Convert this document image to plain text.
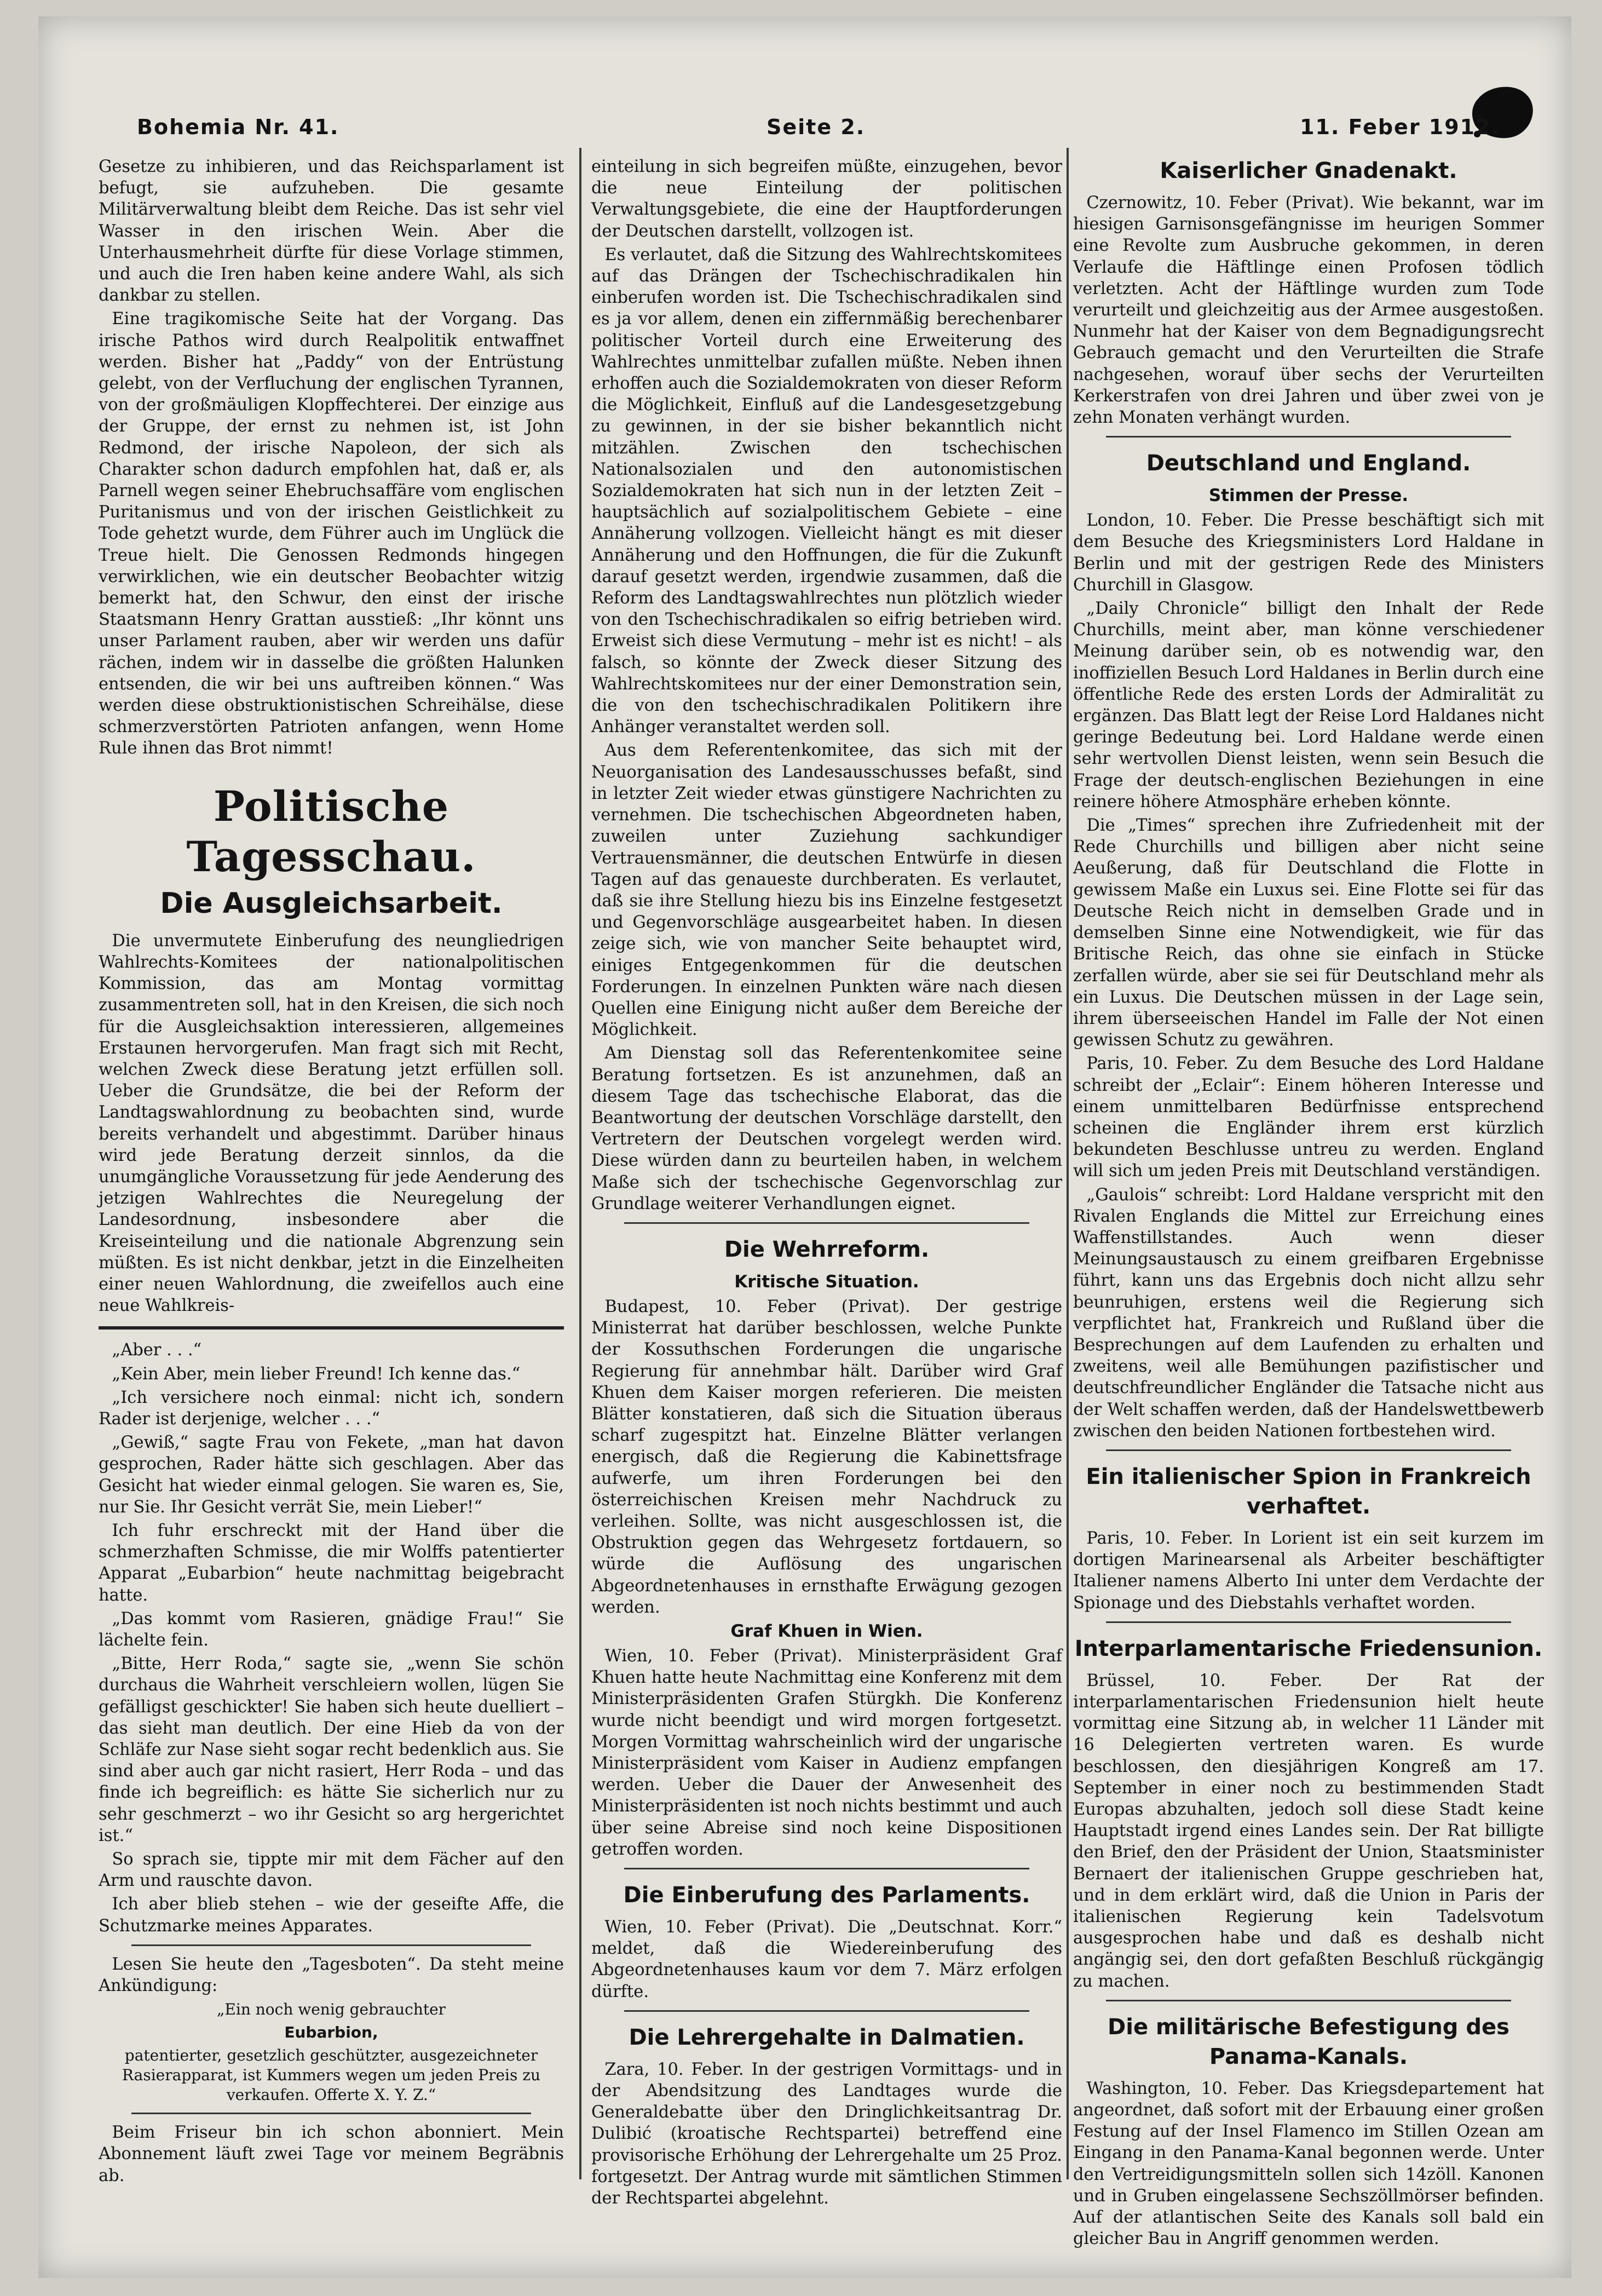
Bohemia Nr. 41.	Seite 2.	11. Feber 1912.

Gesetze zu inhibieren, und das Reichsparlament ist befugt, sie aufzuheben. Die gesamte Militärverwaltung bleibt dem Reiche. Das ist sehr viel Wasser in den irischen Wein. Aber die Unterhausmehrheit dürfte für diese Vorlage stimmen, und auch die Iren haben keine andere Wahl, als sich dankbar zu stellen.

Eine tragikomische Seite hat der Vorgang. Das irische Pathos wird durch Realpolitik entwaffnet werden. Bisher hat „Paddy“ von der Entrüstung gelebt, von der Verfluchung der englischen Tyrannen, von der großmäuligen Klopffechterei. Der einzige aus der Gruppe, der ernst zu nehmen ist, ist John Redmond, der irische Napoleon, der sich als Charakter schon dadurch empfohlen hat, daß er, als Parnell wegen seiner Ehebruchsaffäre vom englischen Puritanismus und von der irischen Geistlichkeit zu Tode gehetzt wurde, dem Führer auch im Unglück die Treue hielt. Die Genossen Redmonds hingegen verwirklichen, wie ein deutscher Beobachter witzig bemerkt hat, den Schwur, den einst der irische Staatsmann Henry Grattan ausstieß: „Ihr könnt uns unser Parlament rauben, aber wir werden uns dafür rächen, indem wir in dasselbe die größten Halunken entsenden, die wir bei uns auftreiben können.“ Was werden diese obstruktionistischen Schreihälse, diese schmerzverstörten Patrioten anfangen, wenn Home Rule ihnen das Brot nimmt!

Politische Tagesschau.
Die Ausgleichsarbeit.

Die unvermutete Einberufung des neungliedrigen Wahlrechts-Komitees der nationalpolitischen Kommission, das am Montag vormittag zusammentreten soll, hat in den Kreisen, die sich noch für die Ausgleichsaktion interessieren, allgemeines Erstaunen hervorgerufen. Man fragt sich mit Recht, welchen Zweck diese Beratung jetzt erfüllen soll. Ueber die Grundsätze, die bei der Reform der Landtagswahlordnung zu beobachten sind, wurde bereits verhandelt und abgestimmt. Darüber hinaus wird jede Beratung derzeit sinnlos, da die unumgängliche Voraussetzung für jede Aenderung des jetzigen Wahlrechtes die Neuregelung der Landesordnung, insbesondere aber die Kreiseinteilung und die nationale Abgrenzung sein müßten. Es ist nicht denkbar, jetzt in die Einzelheiten einer neuen Wahlordnung, die zweifellos auch eine neue Wahlkreis-

„Aber . . .“

„Kein Aber, mein lieber Freund! Ich kenne das.“

„Ich versichere noch einmal: nicht ich, sondern Rader ist derjenige, welcher . . .“

„Gewiß,“ sagte Frau von Fekete, „man hat davon gesprochen, Rader hätte sich geschlagen. Aber das Gesicht hat wieder einmal gelogen. Sie waren es, Sie, nur Sie. Ihr Gesicht verrät Sie, mein Lieber!“

Ich fuhr erschreckt mit der Hand über die schmerzhaften Schmisse, die mir Wolffs patentierter Apparat „Eubarbion“ heute nachmittag beigebracht hatte.

„Das kommt vom Rasieren, gnädige Frau!“ Sie lächelte fein.

„Bitte, Herr Roda,“ sagte sie, „wenn Sie schön durchaus die Wahrheit verschleiern wollen, lügen Sie gefälligst geschickter! Sie haben sich heute duelliert – das sieht man deutlich. Der eine Hieb da von der Schläfe zur Nase sieht sogar recht bedenklich aus. Sie sind aber auch gar nicht rasiert, Herr Roda – und das finde ich begreiflich: es hätte Sie sicherlich nur zu sehr geschmerzt – wo ihr Gesicht so arg hergerichtet ist.“

So sprach sie, tippte mir mit dem Fächer auf den Arm und rauschte davon.

Ich aber blieb stehen – wie der geseifte Affe, die Schutzmarke meines Apparates.

Lesen Sie heute den „Tagesboten“. Da steht meine Ankündigung:

„Ein noch wenig gebrauchter
Eubarbion,
patentierter, gesetzlich geschützter, ausgezeichneter Rasierapparat, ist Kummers wegen um jeden Preis zu verkaufen. Offerte X. Y. Z.“

Beim Friseur bin ich schon abonniert. Mein Abonnement läuft zwei Tage vor meinem Begräbnis ab.

einteilung in sich begreifen müßte, einzugehen, bevor die neue Einteilung der politischen Verwaltungsgebiete, die eine der Hauptforderungen der Deutschen darstellt, vollzogen ist.

Es verlautet, daß die Sitzung des Wahlrechtskomitees auf das Drängen der Tschechischradikalen hin einberufen worden ist. Die Tschechischradikalen sind es ja vor allem, denen ein ziffernmäßig berechenbarer politischer Vorteil durch eine Erweiterung des Wahlrechtes unmittelbar zufallen müßte. Neben ihnen erhoffen auch die Sozialdemokraten von dieser Reform die Möglichkeit, Einfluß auf die Landesgesetzgebung zu gewinnen, in der sie bisher bekanntlich nicht mitzählen. Zwischen den tschechischen Nationalsozialen und den autonomistischen Sozialdemokraten hat sich nun in der letzten Zeit – hauptsächlich auf sozialpolitischem Gebiete – eine Annäherung vollzogen. Vielleicht hängt es mit dieser Annäherung und den Hoffnungen, die für die Zukunft darauf gesetzt werden, irgendwie zusammen, daß die Reform des Landtagswahlrechtes nun plötzlich wieder von den Tschechischradikalen so eifrig betrieben wird. Erweist sich diese Vermutung – mehr ist es nicht! – als falsch, so könnte der Zweck dieser Sitzung des Wahlrechtskomitees nur der einer Demonstration sein, die von den tschechischradikalen Politikern ihre Anhänger veranstaltet werden soll.

Aus dem Referentenkomitee, das sich mit der Neuorganisation des Landesausschusses befaßt, sind in letzter Zeit wieder etwas günstigere Nachrichten zu vernehmen. Die tschechischen Abgeordneten haben, zuweilen unter Zuziehung sachkundiger Vertrauensmänner, die deutschen Entwürfe in diesen Tagen auf das genaueste durchberaten. Es verlautet, daß sie ihre Stellung hiezu bis ins Einzelne festgesetzt und Gegenvorschläge ausgearbeitet haben. In diesen zeige sich, wie von mancher Seite behauptet wird, einiges Entgegenkommen für die deutschen Forderungen. In einzelnen Punkten wäre nach diesen Quellen eine Einigung nicht außer dem Bereiche der Möglichkeit.

Am Dienstag soll das Referentenkomitee seine Beratung fortsetzen. Es ist anzunehmen, daß an diesem Tage das tschechische Elaborat, das die Beantwortung der deutschen Vorschläge darstellt, den Vertretern der Deutschen vorgelegt werden wird. Diese würden dann zu beurteilen haben, in welchem Maße sich der tschechische Gegenvorschlag zur Grundlage weiterer Verhandlungen eignet.

Die Wehrreform.
Kritische Situation.

Budapest, 10. Feber (Privat). Der gestrige Ministerrat hat darüber beschlossen, welche Punkte der Kossuthschen Forderungen die ungarische Regierung für annehmbar hält. Darüber wird Graf Khuen dem Kaiser morgen referieren. Die meisten Blätter konstatieren, daß sich die Situation überaus scharf zugespitzt hat. Einzelne Blätter verlangen energisch, daß die Regierung die Kabinettsfrage aufwerfe, um ihren Forderungen bei den österreichischen Kreisen mehr Nachdruck zu verleihen. Sollte, was nicht ausgeschlossen ist, die Obstruktion gegen das Wehrgesetz fortdauern, so würde die Auflösung des ungarischen Abgeordnetenhauses in ernsthafte Erwägung gezogen werden.

Graf Khuen in Wien.

Wien, 10. Feber (Privat). Ministerpräsident Graf Khuen hatte heute Nachmittag eine Konferenz mit dem Ministerpräsidenten Grafen Stürgkh. Die Konferenz wurde nicht beendigt und wird morgen fortgesetzt. Morgen Vormittag wahrscheinlich wird der ungarische Ministerpräsident vom Kaiser in Audienz empfangen werden. Ueber die Dauer der Anwesenheit des Ministerpräsidenten ist noch nichts bestimmt und auch über seine Abreise sind noch keine Dispositionen getroffen worden.

Die Einberufung des Parlaments.

Wien, 10. Feber (Privat). Die „Deutschnat. Korr.“ meldet, daß die Wiedereinberufung des Abgeordnetenhauses kaum vor dem 7. März erfolgen dürfte.

Die Lehrergehalte in Dalmatien.

Zara, 10. Feber. In der gestrigen Vormittags- und in der Abendsitzung des Landtages wurde die Generaldebatte über den Dringlichkeitsantrag Dr. Dulibić (kroatische Rechtspartei) betreffend eine provisorische Erhöhung der Lehrergehalte um 25 Proz. fortgesetzt. Der Antrag wurde mit sämtlichen Stimmen der Rechtspartei abgelehnt.

Kaiserlicher Gnadenakt.

Czernowitz, 10. Feber (Privat). Wie bekannt, war im hiesigen Garnisonsgefängnisse im heurigen Sommer eine Revolte zum Ausbruche gekommen, in deren Verlaufe die Häftlinge einen Profosen tödlich verletzten. Acht der Häftlinge wurden zum Tode verurteilt und gleichzeitig aus der Armee ausgestoßen. Nunmehr hat der Kaiser von dem Begnadigungsrecht Gebrauch gemacht und den Verurteilten die Strafe nachgesehen, worauf über sechs der Verurteilten Kerkerstrafen von drei Jahren und über zwei von je zehn Monaten verhängt wurden.

Deutschland und England.
Stimmen der Presse.

London, 10. Feber. Die Presse beschäftigt sich mit dem Besuche des Kriegsministers Lord Haldane in Berlin und mit der gestrigen Rede des Ministers Churchill in Glasgow.

„Daily Chronicle“ billigt den Inhalt der Rede Churchills, meint aber, man könne verschiedener Meinung darüber sein, ob es notwendig war, den inoffiziellen Besuch Lord Haldanes in Berlin durch eine öffentliche Rede des ersten Lords der Admiralität zu ergänzen. Das Blatt legt der Reise Lord Haldanes nicht geringe Bedeutung bei. Lord Haldane werde einen sehr wertvollen Dienst leisten, wenn sein Besuch die Frage der deutsch-englischen Beziehungen in eine reinere höhere Atmosphäre erheben könnte.

Die „Times“ sprechen ihre Zufriedenheit mit der Rede Churchills und billigen aber nicht seine Aeußerung, daß für Deutschland die Flotte in gewissem Maße ein Luxus sei. Eine Flotte sei für das Deutsche Reich nicht in demselben Grade und in demselben Sinne eine Notwendigkeit, wie für das Britische Reich, das ohne sie einfach in Stücke zerfallen würde, aber sie sei für Deutschland mehr als ein Luxus. Die Deutschen müssen in der Lage sein, ihrem überseeischen Handel im Falle der Not einen gewissen Schutz zu gewähren.

Paris, 10. Feber. Zu dem Besuche des Lord Haldane schreibt der „Eclair“: Einem höheren Interesse und einem unmittelbaren Bedürfnisse entsprechend scheinen die Engländer ihrem erst kürzlich bekundeten Beschlusse untreu zu werden. England will sich um jeden Preis mit Deutschland verständigen.

„Gaulois“ schreibt: Lord Haldane verspricht mit den Rivalen Englands die Mittel zur Erreichung eines Waffenstillstandes. Auch wenn dieser Meinungsaustausch zu einem greifbaren Ergebnisse führt, kann uns das Ergebnis doch nicht allzu sehr beunruhigen, erstens weil die Regierung sich verpflichtet hat, Frankreich und Rußland über die Besprechungen auf dem Laufenden zu erhalten und zweitens, weil alle Bemühungen pazifistischer und deutschfreundlicher Engländer die Tatsache nicht aus der Welt schaffen werden, daß der Handelswettbewerb zwischen den beiden Nationen fortbestehen wird.

Ein italienischer Spion in Frankreich verhaftet.

Paris, 10. Feber. In Lorient ist ein seit kurzem im dortigen Marinearsenal als Arbeiter beschäftigter Italiener namens Alberto Ini unter dem Verdachte der Spionage und des Diebstahls verhaftet worden.

Interparlamentarische Friedensunion.

Brüssel, 10. Feber. Der Rat der interparlamentarischen Friedensunion hielt heute vormittag eine Sitzung ab, in welcher 11 Länder mit 16 Delegierten vertreten waren. Es wurde beschlossen, den diesjährigen Kongreß am 17. September in einer noch zu bestimmenden Stadt Europas abzuhalten, jedoch soll diese Stadt keine Hauptstadt irgend eines Landes sein. Der Rat billigte den Brief, den der Präsident der Union, Staatsminister Bernaert der italienischen Gruppe geschrieben hat, und in dem erklärt wird, daß die Union in Paris der italienischen Regierung kein Tadelsvotum ausgesprochen habe und daß es deshalb nicht angängig sei, den dort gefaßten Beschluß rückgängig zu machen.

Die militärische Befestigung des Panama-Kanals.

Washington, 10. Feber. Das Kriegsdepartement hat angeordnet, daß sofort mit der Erbauung einer großen Festung auf der Insel Flamenco im Stillen Ozean am Eingang in den Panama-Kanal begonnen werde. Unter den Vertreidigungsmitteln sollen sich 14zöll. Kanonen und in Gruben eingelassene Sechszöllmörser befinden. Auf der atlantischen Seite des Kanals soll bald ein gleicher Bau in Angriff genommen werden.
